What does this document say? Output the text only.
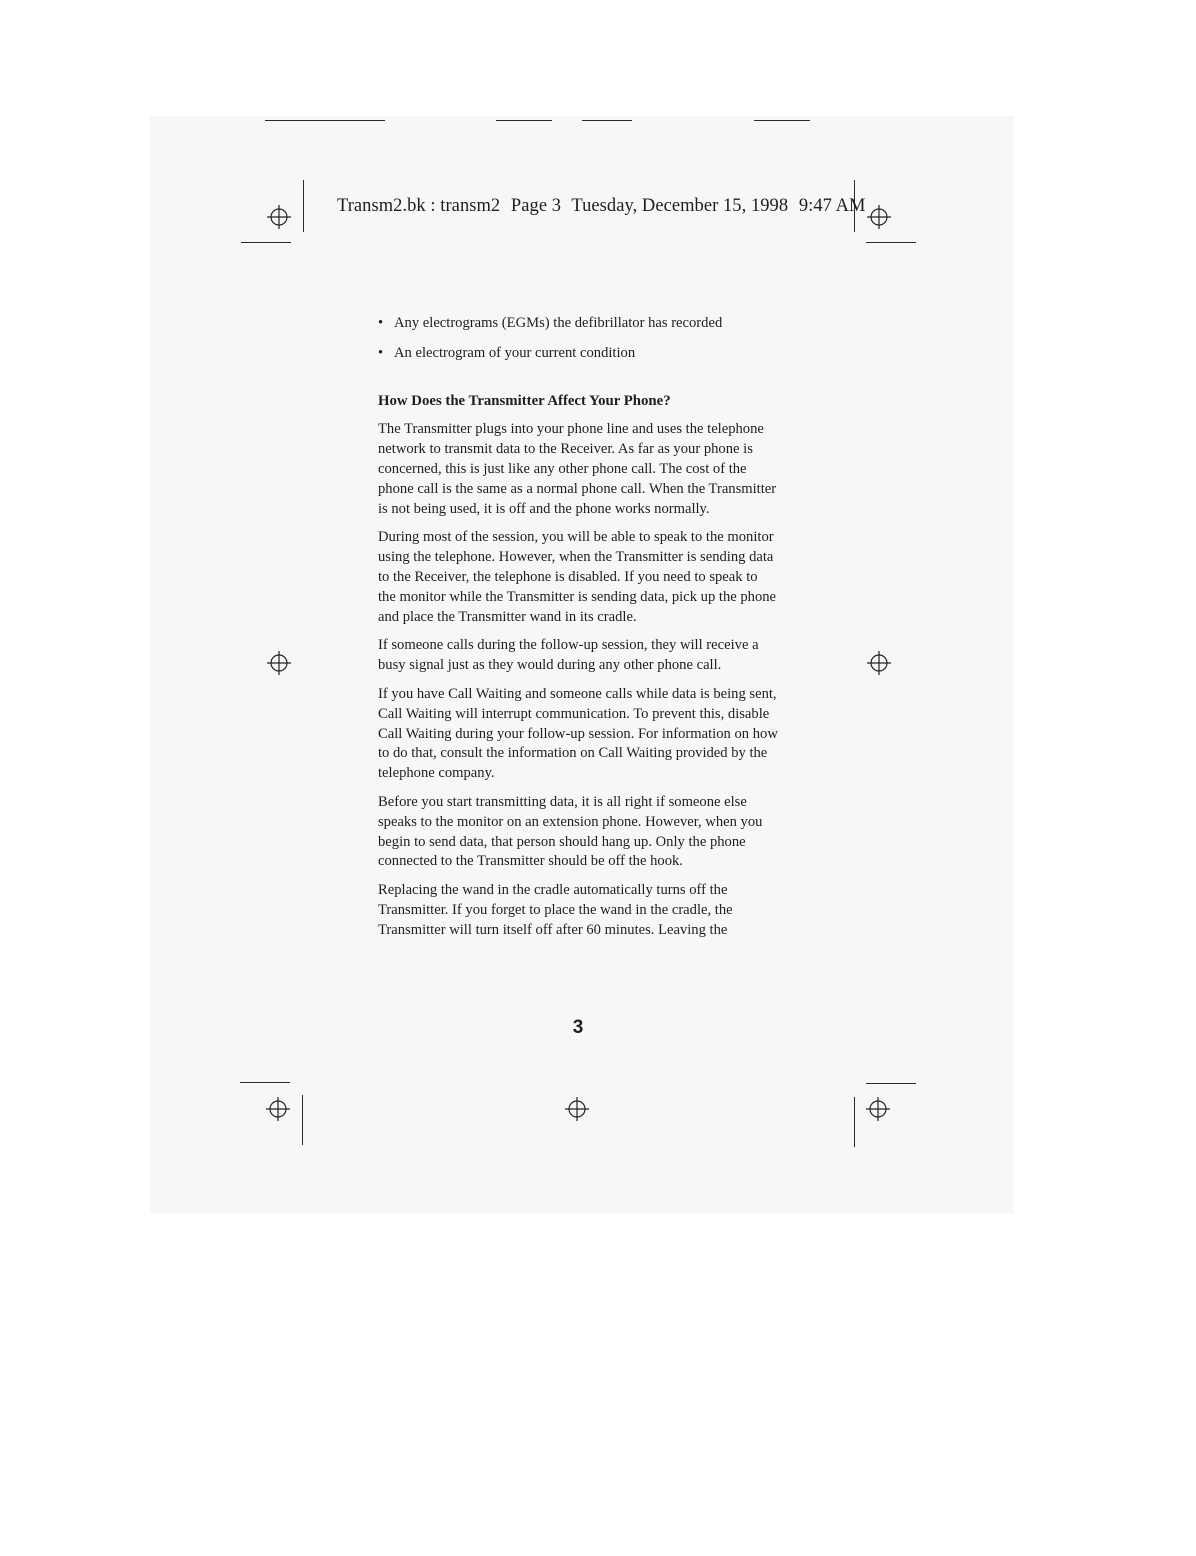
Transm2.bk : transm2 Page 3 Tuesday, December 15, 1998 9:47 AM
• Any electrograms (EGMs) the defibrillator has recorded
• An electrogram of your current condition
How Does the Transmitter Affect Your Phone?

The Transmitter plugs into your phone line and uses the telephone network to transmit data to the Receiver. As far as your phone is concerned, this is just like any other phone call. The cost of the phone call is the same as a normal phone call. When the Transmitter is not being used, it is off and the phone works normally.

During most of the session, you will be able to speak to the monitor using the telephone. However, when the Transmitter is sending data to the Receiver, the telephone is disabled. If you need to speak to the monitor while the Transmitter is sending data, pick up the phone and place the Transmitter wand in its cradle.

If someone calls during the follow-up session, they will receive a busy signal just as they would during any other phone call.

If you have Call Waiting and someone calls while data is being sent, Call Waiting will interrupt communication. To prevent this, disable Call Waiting during your follow-up session. For information on how to do that, consult the information on Call Waiting provided by the telephone company.

Before you start transmitting data, it is all right if someone else speaks to the monitor on an extension phone. However, when you begin to send data, that person should hang up. Only the phone connected to the Transmitter should be off the hook.

Replacing the wand in the cradle automatically turns off the Transmitter. If you forget to place the wand in the cradle, the Transmitter will turn itself off after 60 minutes. Leaving the

3
